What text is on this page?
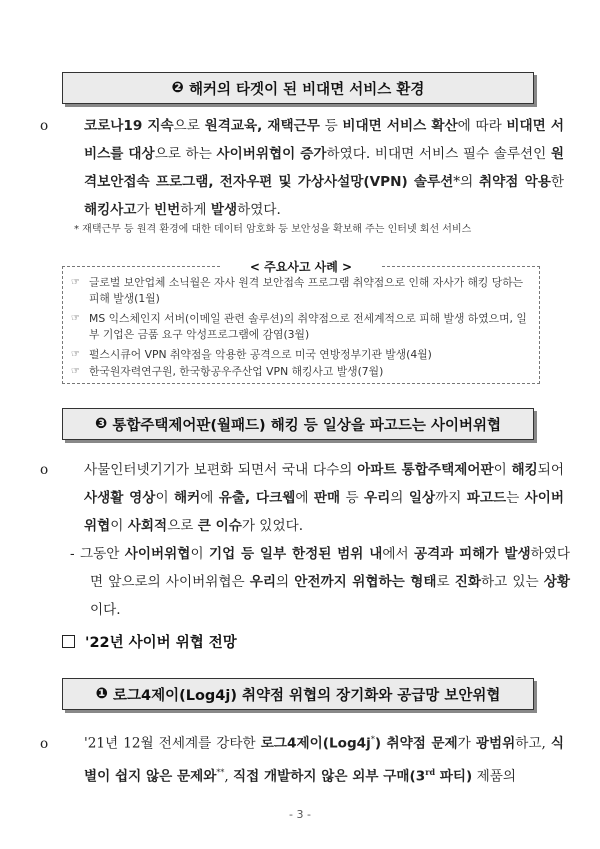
❷
해커의 타겟이 된 비대면 서비스 환경
o	코로나19 지속으로 원격교육, 재택근무 등 비대면 서비스 확산에 따라 비대면 서비스를 대상으로 하는 사이버위협이 증가하였다. 비대면 서비스 필수 솔루션인 원격보안접속 프로그램, 전자우편 및 가상사설망(VPN) 솔루션*의 취약점 악용한 해킹사고가 빈번하게 발생하였다.
* 재택근무 등 원격 환경에 대한 데이터 암호화 등 보안성을 확보해 주는 인터넷 회선 서비스
< 주요사고 사례 >
☞ 글로벌 보안업체 소닉월은 자사 원격 보안접속 프로그램 취약점으로 인해 자사가 해킹 당하는 피해 발생(1월)
☞ MS 익스체인지 서버(이메일 관련 솔루션)의 취약점으로 전세계적으로 피해 발생 하였으며, 일부 기업은 금품 요구 악성프로그램에 감염(3월)
☞ 펄스시큐어 VPN 취약점을 악용한 공격으로 미국 연방정부기관 발생(4월)
☞ 한국원자력연구원, 한국항공우주산업 VPN 해킹사고 발생(7월)
❸
통합주택제어판(월패드) 해킹 등 일상을 파고드는 사이버위협
o	사물인터넷기기가 보편화 되면서 국내 다수의 아파트 통합주택제어판이 해킹되어 사생활 영상이 해커에 유출, 다크웹에 판매 등 우리의 일상까지 파고드는 사이버위협이 사회적으로 큰 이슈가 있었다.
- 그동안 사이버위협이 기업 등 일부 한정된 범위 내에서 공격과 피해가 발생하였다면 앞으로의 사이버위협은 우리의 안전까지 위협하는 형태로 진화하고 있는 상황이다.
'22년 사이버 위협 전망
❶
로그4제이(Log4j) 취약점 위협의 장기화와 공급망 보안위협
o	'21년 12월 전세계를 강타한 로그4제이(Log4j*) 취약점 문제가 광범위하고, 식별이 쉽지 않은 문제와**, 직접 개발하지 않은 외부 구매(3rd 파티) 제품의
- 3 -
